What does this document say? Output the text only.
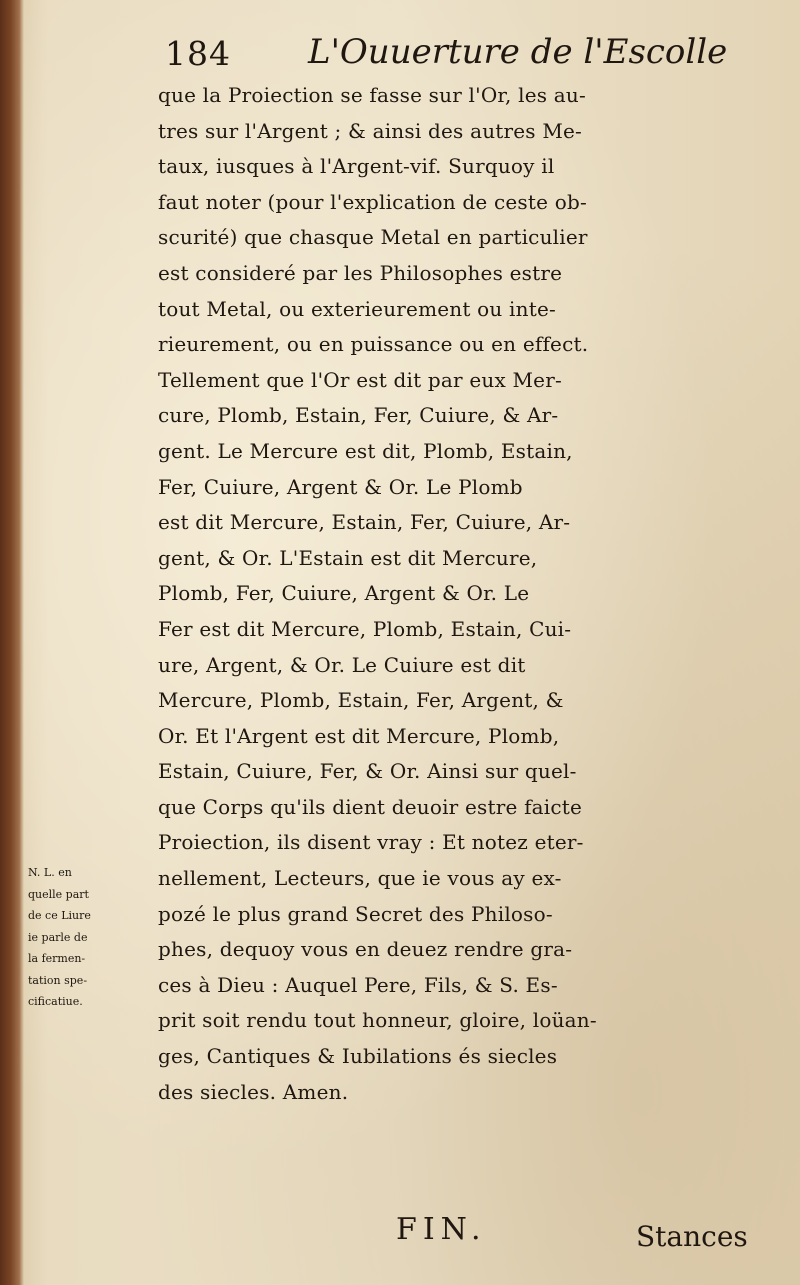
184 L'Ouuerture de l'Escolle
que la Proiection se fasse sur l'Or, les au-
tres sur l'Argent ; & ainsi des autres Me-
taux, iusques à l'Argent-vif. Surquoy il
faut noter (pour l'explication de ceste ob-
scurité) que chasque Metal en particulier
est consideré par les Philosophes estre
tout Metal, ou exterieurement ou inte-
rieurement, ou en puissance ou en effect.
Tellement que l'Or est dit par eux Mer-
cure, Plomb, Estain, Fer, Cuiure, & Ar-
gent. Le Mercure est dit, Plomb, Estain,
Fer, Cuiure, Argent & Or. Le Plomb
est dit Mercure, Estain, Fer, Cuiure, Ar-
gent, & Or. L'Estain est dit Mercure,
Plomb, Fer, Cuiure, Argent & Or. Le
Fer est dit Mercure, Plomb, Estain, Cui-
ure, Argent, & Or. Le Cuiure est dit
Mercure, Plomb, Estain, Fer, Argent, &
Or. Et l'Argent est dit Mercure, Plomb,
Estain, Cuiure, Fer, & Or. Ainsi sur quel-
que Corps qu'ils dient deuoir estre faicte
Proiection, ils disent vray : Et notez eter-
nellement, Lecteurs, que ie vous ay ex-
pozé le plus grand Secret des Philoso-
phes, dequoy vous en deuez rendre gra-
ces à Dieu : Auquel Pere, Fils, & S. Es-
prit soit rendu tout honneur, gloire, loüan-
ges, Cantiques & Iubilations és siecles
des siecles. Amen.
N. L. en
quelle part
de ce Liure
ie parle de
la fermen-
tation spe-
cificatiue.
FIN.	Stances
